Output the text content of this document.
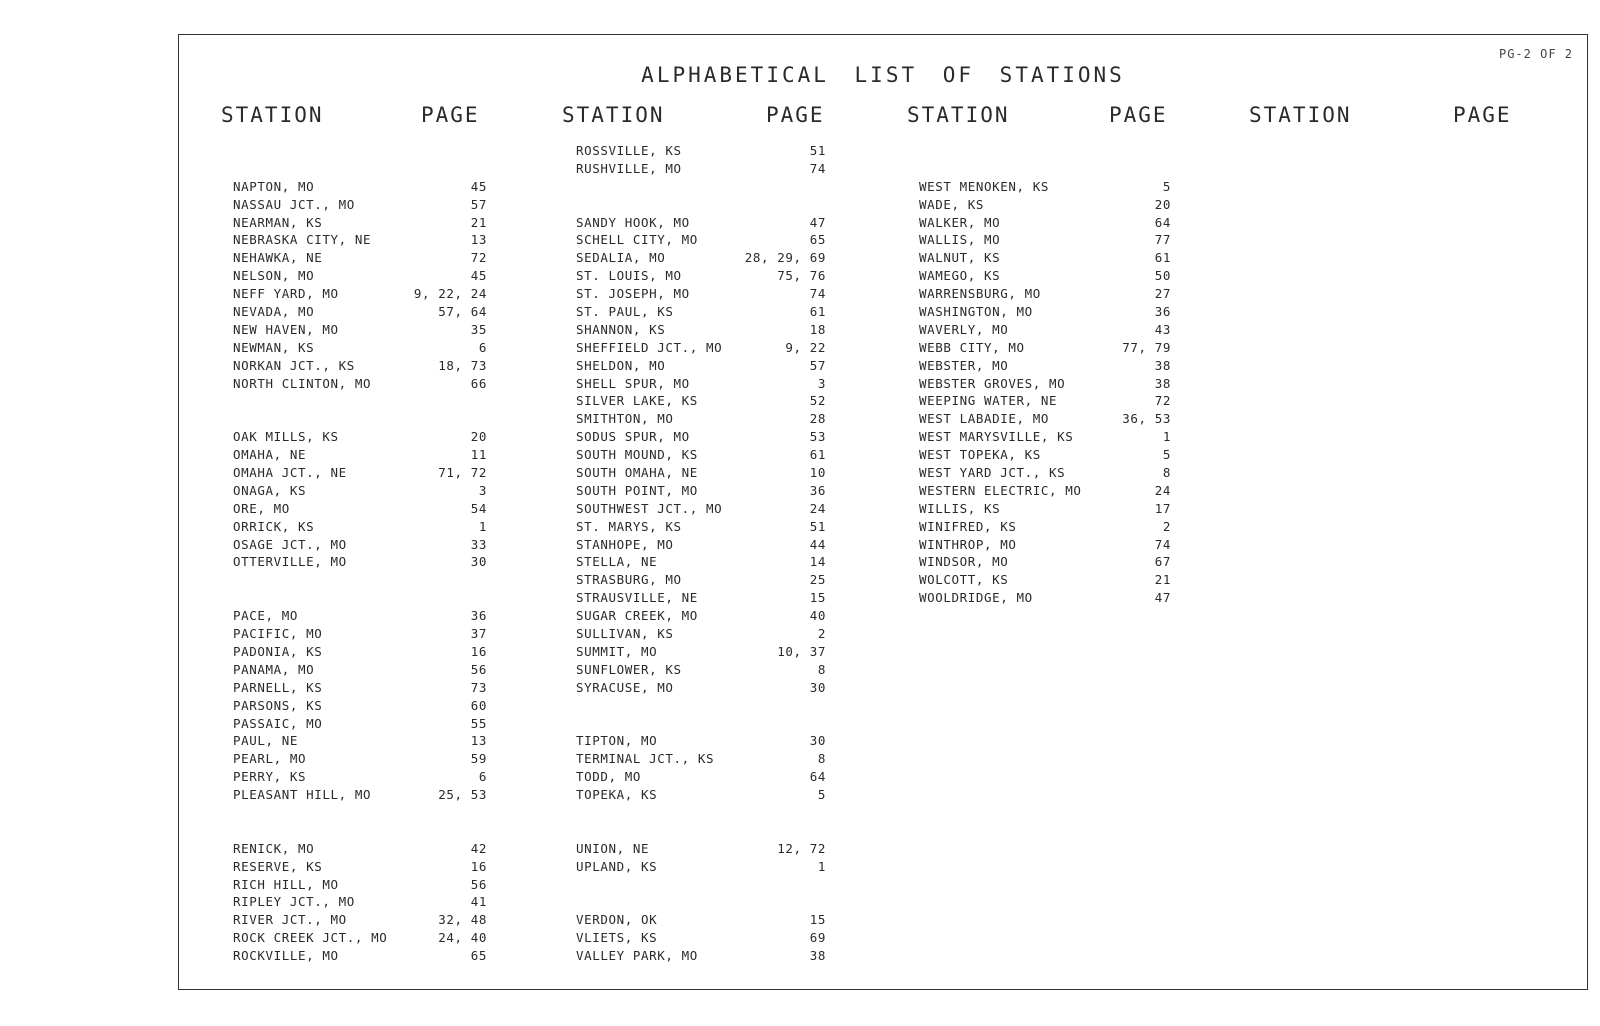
PG-2 OF 2
ALPHABETICAL LIST OF STATIONS
STATION	PAGE	STATION	PAGE	STATION	PAGE	STATION	PAGE
NAPTON, MO	45
NASSAU JCT., MO	57
NEARMAN, KS	21
NEBRASKA CITY, NE	13
NEHAWKA, NE	72
NELSON, MO	45
NEFF YARD, MO	9, 22, 24
NEVADA, MO	57, 64
NEW HAVEN, MO	35
NEWMAN, KS	6
NORKAN JCT., KS	18, 73
NORTH CLINTON, MO	66
OAK MILLS, KS	20
OMAHA, NE	11
OMAHA JCT., NE	71, 72
ONAGA, KS	3
ORE, MO	54
ORRICK, KS	1
OSAGE JCT., MO	33
OTTERVILLE, MO	30
PACE, MO	36
PACIFIC, MO	37
PADONIA, KS	16
PANAMA, MO	56
PARNELL, KS	73
PARSONS, KS	60
PASSAIC, MO	55
PAUL, NE	13
PEARL, MO	59
PERRY, KS	6
PLEASANT HILL, MO	25, 53
RENICK, MO	42
RESERVE, KS	16
RICH HILL, MO	56
RIPLEY JCT., MO	41
RIVER JCT., MO	32, 48
ROCK CREEK JCT., MO	24, 40
ROCKVILLE, MO	65
ROSSVILLE, KS	51
RUSHVILLE, MO	74
SANDY HOOK, MO	47
SCHELL CITY, MO	65
SEDALIA, MO	28, 29, 69
ST. LOUIS, MO	75, 76
ST. JOSEPH, MO	74
ST. PAUL, KS	61
SHANNON, KS	18
SHEFFIELD JCT., MO	9, 22
SHELDON, MO	57
SHELL SPUR, MO	3
SILVER LAKE, KS	52
SMITHTON, MO	28
SODUS SPUR, MO	53
SOUTH MOUND, KS	61
SOUTH OMAHA, NE	10
SOUTH POINT, MO	36
SOUTHWEST JCT., MO	24
ST. MARYS, KS	51
STANHOPE, MO	44
STELLA, NE	14
STRASBURG, MO	25
STRAUSVILLE, NE	15
SUGAR CREEK, MO	40
SULLIVAN, KS	2
SUMMIT, MO	10, 37
SUNFLOWER, KS	8
SYRACUSE, MO	30
TIPTON, MO	30
TERMINAL JCT., KS	8
TODD, MO	64
TOPEKA, KS	5
UNION, NE	12, 72
UPLAND, KS	1
VERDON, OK	15
VLIETS, KS	69
VALLEY PARK, MO	38
WEST MENOKEN, KS	5
WADE, KS	20
WALKER, MO	64
WALLIS, MO	77
WALNUT, KS	61
WAMEGO, KS	50
WARRENSBURG, MO	27
WASHINGTON, MO	36
WAVERLY, MO	43
WEBB CITY, MO	77, 79
WEBSTER, MO	38
WEBSTER GROVES, MO	38
WEEPING WATER, NE	72
WEST LABADIE, MO	36, 53
WEST MARYSVILLE, KS	1
WEST TOPEKA, KS	5
WEST YARD JCT., KS	8
WESTERN ELECTRIC, MO	24
WILLIS, KS	17
WINIFRED, KS	2
WINTHROP, MO	74
WINDSOR, MO	67
WOLCOTT, KS	21
WOOLDRIDGE, MO	47
